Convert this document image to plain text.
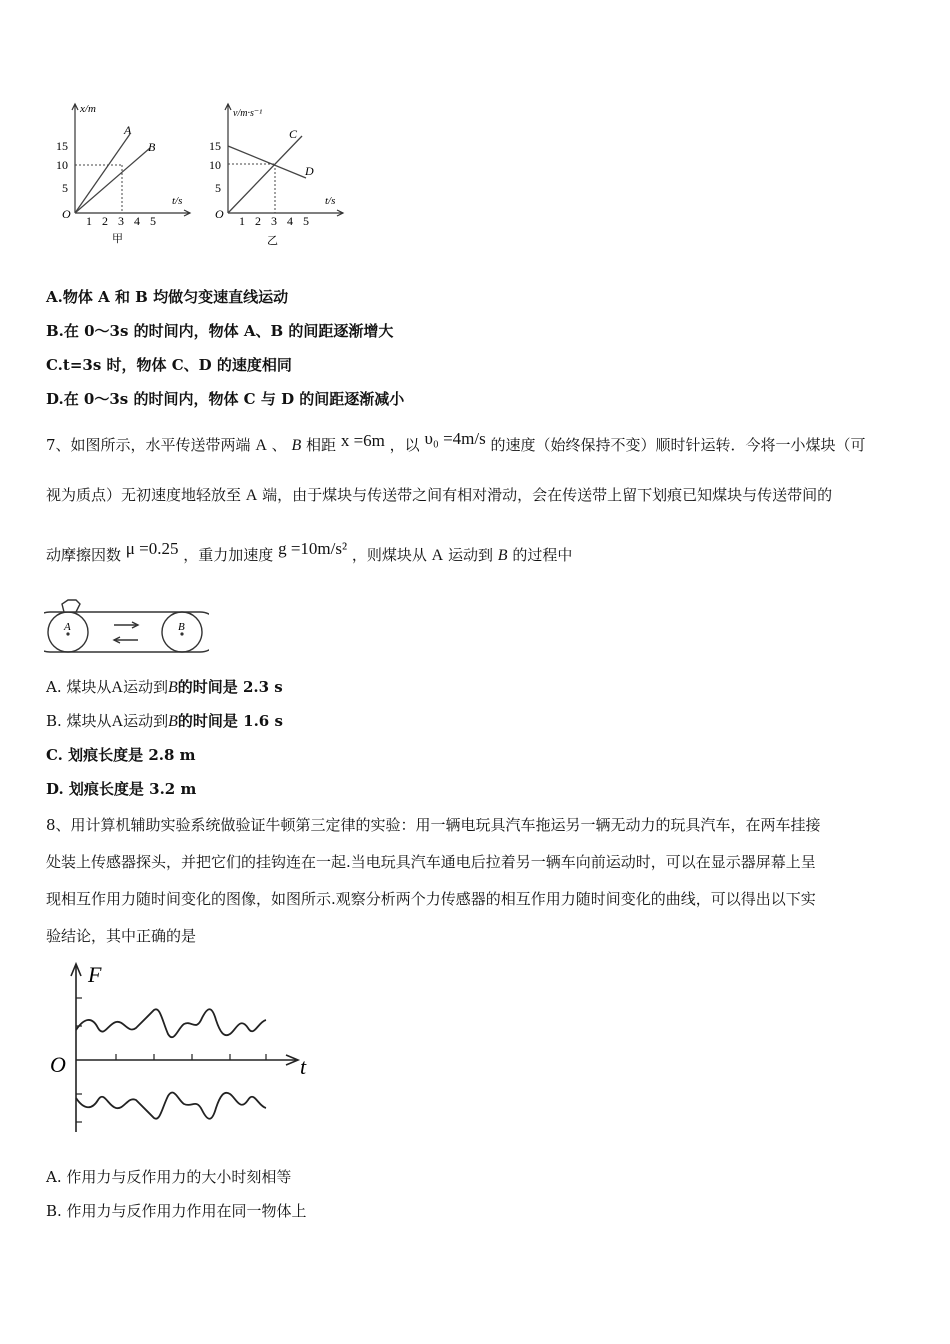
x/m
t/s
15
10
5
1 2 3 4 5
O
A
B
甲
v/m·s⁻¹
t/s
15
10
5
1 2 3 4 5
O
C
D
乙
A.物体 A 和 B 均做匀变速直线运动
B.在 0～3s 的时间内，物体 A、B 的间距逐渐增大
C.t=3s 时，物体 C、D 的速度相同
D.在 0～3s 的时间内，物体 C 与 D 的间距逐渐减小
7、如图所示，水平传送带两端 A 、 B 相距 x =6m ，以 υ₀ =4m/s 的速度（始终保持不变）顺时针运转．今将一小煤块（可
视为质点）无初速度地轻放至 A 端，由于煤块与传送带之间有相对滑动，会在传送带上留下划痕已知煤块与传送带间的
动摩擦因数 μ =0.25 ，重力加速度 g =10m/s² ，则煤块从 A 运动到 B 的过程中
A	B
A. 煤块从A运动到B的时间是 2.3 s
B. 煤块从A运动到B的时间是 1.6 s
C. 划痕长度是 2.8 m
D. 划痕长度是 3.2 m
8、用计算机辅助实验系统做验证牛顿第三定律的实验：用一辆电玩具汽车拖运另一辆无动力的玩具汽车，在两车挂接
处装上传感器探头，并把它们的挂钩连在一起.当电玩具汽车通电后拉着另一辆车向前运动时，可以在显示器屏幕上呈
现相互作用力随时间变化的图像，如图所示.观察分析两个力传感器的相互作用力随时间变化的曲线，可以得出以下实
验结论，其中正确的是
F
t
O
A. 作用力与反作用力的大小时刻相等
B. 作用力与反作用力作用在同一物体上
